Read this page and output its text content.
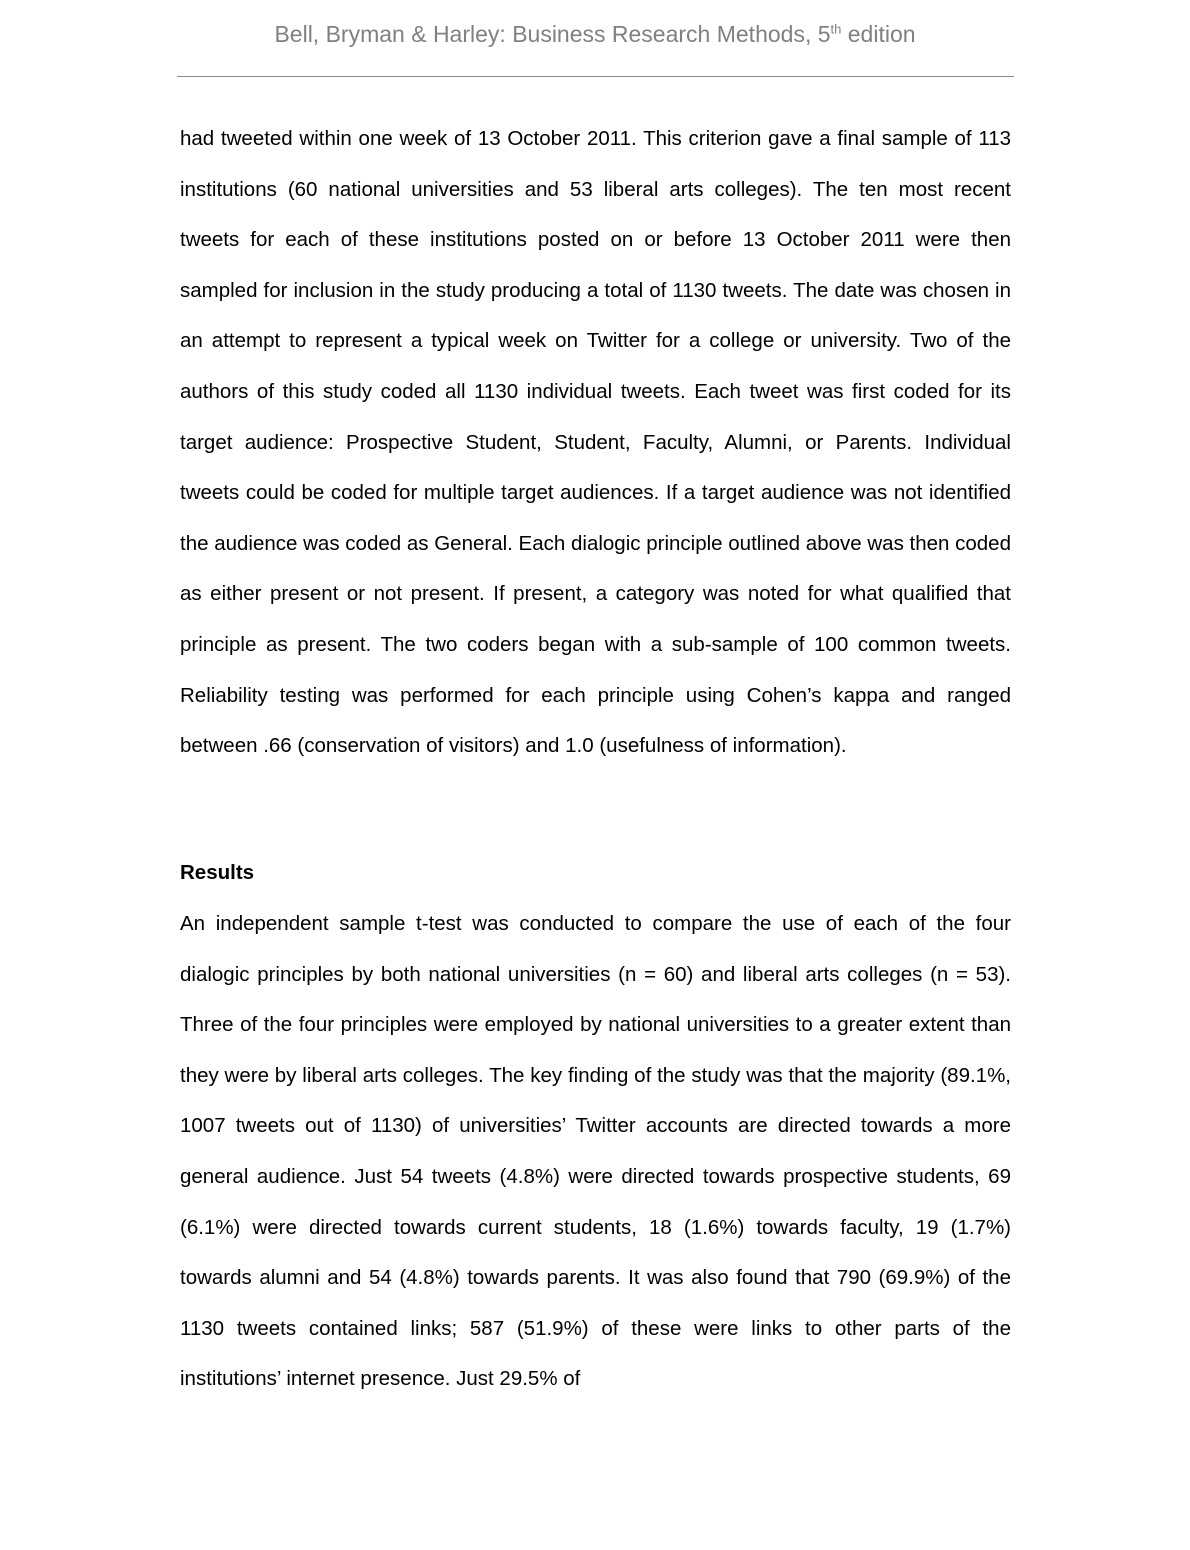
Bell, Bryman & Harley: Business Research Methods, 5th edition

had tweeted within one week of 13 October 2011. This criterion gave a final sample of 113 institutions (60 national universities and 53 liberal arts colleges). The ten most recent tweets for each of these institutions posted on or before 13 October 2011 were then sampled for inclusion in the study producing a total of 1130 tweets. The date was chosen in an attempt to represent a typical week on Twitter for a college or university. Two of the authors of this study coded all 1130 individual tweets. Each tweet was first coded for its target audience: Prospective Student, Student, Faculty, Alumni, or Parents. Individual tweets could be coded for multiple target audiences. If a target audience was not identified the audience was coded as General. Each dialogic principle outlined above was then coded as either present or not present. If present, a category was noted for what qualified that principle as present. The two coders began with a sub-sample of 100 common tweets. Reliability testing was performed for each principle using Cohen’s kappa and ranged between .66 (conservation of visitors) and 1.0 (usefulness of information).

Results

An independent sample t-test was conducted to compare the use of each of the four dialogic principles by both national universities (n = 60) and liberal arts colleges (n = 53). Three of the four principles were employed by national universities to a greater extent than they were by liberal arts colleges. The key finding of the study was that the majority (89.1%, 1007 tweets out of 1130) of universities’ Twitter accounts are directed towards a more general audience. Just 54 tweets (4.8%) were directed towards prospective students, 69 (6.1%) were directed towards current students, 18 (1.6%) towards faculty, 19 (1.7%) towards alumni and 54 (4.8%) towards parents. It was also found that 790 (69.9%) of the 1130 tweets contained links; 587 (51.9%) of these were links to other parts of the institutions’ internet presence. Just 29.5% of
